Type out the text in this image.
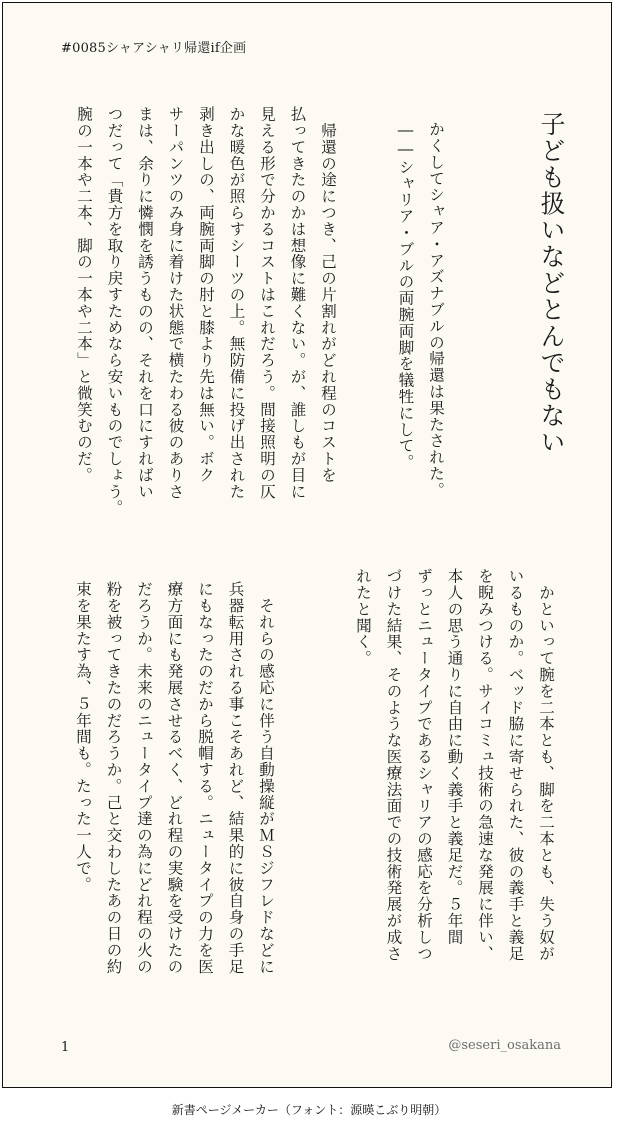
#0085シャアシャリ帰還if企画
子ども扱いなどとんでもない

かくしてシャア・アズナブルの帰還は果たされた。

――シャリア・ブルの両腕両脚を犠牲にして。

　帰還の途につき、己の片割れがどれ程のコストを

払ってきたのかは想像に難くない。が、誰しもが目に

見える形で分かるコストはこれだろう。間接照明の仄

かな暖色が照らすシーツの上。無防備に投げ出された

剥き出しの、両腕両脚の肘と膝より先は無い。ボク

サーパンツのみ身に着けた状態で横たわる彼のありさ

まは、余りに憐憫を誘うものの、それを口にすればい

つだって「貴方を取り戻すためなら安いものでしょう。

腕の一本や二本、脚の一本や二本」と微笑むのだ。

　かといって腕を二本とも、脚を二本とも、失う奴が

いるものか。ベッド脇に寄せられた、彼の義手と義足

を睨みつける。サイコミュ技術の急速な発展に伴い、

本人の思う通りに自由に動く義手と義足だ。５年間

ずっとニュータイプであるシャリアの感応を分析しつ

づけた結果、そのような医療法面での技術発展が成さ

れたと聞く。

　それらの感応に伴う自動操縦がＭＳジフレドなどに

兵器転用される事こそあれど、結果的に彼自身の手足

にもなったのだから脱帽する。ニュータイプの力を医

療方面にも発展させるべく、どれ程の実験を受けたの

だろうか。未来のニュータイプ達の為にどれ程の火の

粉を被ってきたのだろうか。己と交わしたあの日の約

束を果たす為、５年間も。たった一人で。

1	@seseri_osakana
新書ページメーカー（フォント：源暎こぶり明朝）
